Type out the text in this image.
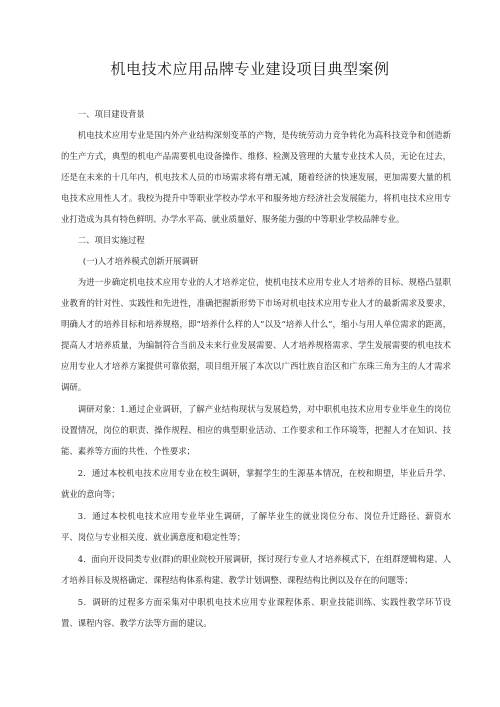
机电技术应用品牌专业建设项目典型案例

一、项目建设背景

机电技术应用专业是国内外产业结构深刻变革的产物，是传统劳动力竞争转化为高科技竞争和创造新的生产方式，典型的机电产品需要机电设备操作、维修、检测及管理的大量专业技术人员，无论在过去，还是在未来的十几年内，机电技术人员的市场需求将有增无减，随着经济的快速发展，更加需要大量的机电技术应用性人才。我校为提升中等职业学校办学水平和服务地方经济社会发展能力，将机电技术应用专业打造成为具有特色鲜明、办学水平高、就业质量好、服务能力强的中等职业学校品牌专业。

二、项目实施过程

(一)人才培养模式创新开展调研

为进一步确定机电技术应用专业的人才培养定位，使机电技术应用专业人才培养的目标、规格凸显职业教育的针对性、实践性和先进性，准确把握新形势下市场对机电技术应用专业人才的最新需求及要求，明确人才的培养目标和培养规格，即“培养什么样的人”以及“培养人什么”，缩小与用人单位需求的距离，提高人才培养质量，为编制符合当前及未来行业发展需要、人才培养规格需求、学生发展需要的机电技术应用专业人才培养方案提供可靠依据，项目组开展了本次以广西壮族自治区和广东珠三角为主的人才需求调研。

调研对象：1.通过企业调研，了解产业结构现状与发展趋势，对中职机电技术应用专业毕业生的岗位设置情况，岗位的职责、操作规程、相应的典型职业活动、工作要求和工作环境等，把握人才在知识、技能、素养等方面的共性、个性要求；

2．通过本校机电技术应用专业在校生调研，掌握学生的生源基本情况，在校和期望，毕业后升学、就业的意向等；

3．通过本校机电技术应用专业毕业生调研，了解毕业生的就业岗位分布、岗位升迁路径、薪资水平、岗位与专业相关度、就业满意度和稳定性等；

4．面向开设同类专业(群)的职业院校开展调研，探讨现行专业人才培养模式下，在组群逻辑构建、人才培养目标及规格确定、课程结构体系构建、教学计划调整、课程结构比例以及存在的问题等；

5．调研的过程多方面采集对中职机电技术应用专业课程体系、职业技能训练、实践性教学环节设置、课程内容、教学方法等方面的建议。
